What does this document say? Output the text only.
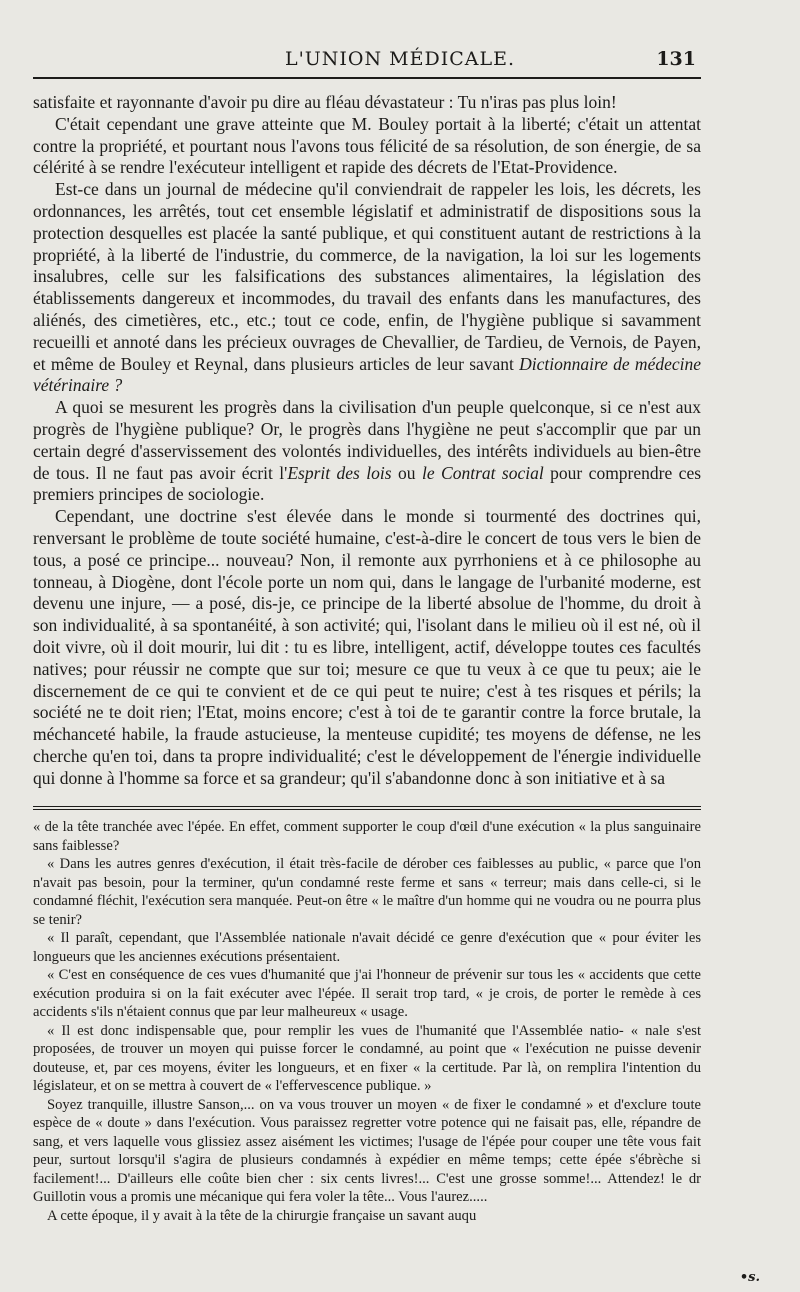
L'UNION MÉDICALE.	131

satisfaite et rayonnante d'avoir pu dire au fléau dévastateur : Tu n'iras pas plus loin!

C'était cependant une grave atteinte que M. Bouley portait à la liberté; c'était un attentat contre la propriété, et pourtant nous l'avons tous félicité de sa résolution, de son énergie, de sa célérité à se rendre l'exécuteur intelligent et rapide des décrets de l'Etat-Providence.

Est-ce dans un journal de médecine qu'il conviendrait de rappeler les lois, les décrets, les ordonnances, les arrêtés, tout cet ensemble législatif et administratif de dispositions sous la protection desquelles est placée la santé publique, et qui constituent autant de restrictions à la propriété, à la liberté de l'industrie, du commerce, de la navigation, la loi sur les logements insalubres, celle sur les falsifications des substances alimentaires, la législation des établissements dangereux et incommodes, du travail des enfants dans les manufactures, des aliénés, des cimetières, etc., etc.; tout ce code, enfin, de l'hygiène publique si savamment recueilli et annoté dans les précieux ouvrages de Chevallier, de Tardieu, de Vernois, de Payen, et même de Bouley et Reynal, dans plusieurs articles de leur savant Dictionnaire de médecine vétérinaire ?

A quoi se mesurent les progrès dans la civilisation d'un peuple quelconque, si ce n'est aux progrès de l'hygiène publique? Or, le progrès dans l'hygiène ne peut s'accomplir que par un certain degré d'asservissement des volontés individuelles, des intérêts individuels au bien-être de tous. Il ne faut pas avoir écrit l'Esprit des lois ou le Contrat social pour comprendre ces premiers principes de sociologie.

Cependant, une doctrine s'est élevée dans le monde si tourmenté des doctrines qui, renversant le problème de toute société humaine, c'est-à-dire le concert de tous vers le bien de tous, a posé ce principe... nouveau? Non, il remonte aux pyrrhoniens et à ce philosophe au tonneau, à Diogène, dont l'école porte un nom qui, dans le langage de l'urbanité moderne, est devenu une injure, — a posé, dis-je, ce principe de la liberté absolue de l'homme, du droit à son individualité, à sa spontanéité, à son activité; qui, l'isolant dans le milieu où il est né, où il doit vivre, où il doit mourir, lui dit : tu es libre, intelligent, actif, développe toutes ces facultés natives; pour réussir ne compte que sur toi; mesure ce que tu veux à ce que tu peux; aie le discernement de ce qui te convient et de ce qui peut te nuire; c'est à tes risques et périls; la société ne te doit rien; l'Etat, moins encore; c'est à toi de te garantir contre la force brutale, la méchanceté habile, la fraude astucieuse, la menteuse cupidité; tes moyens de défense, ne les cherche qu'en toi, dans ta propre individualité; c'est le développement de l'énergie individuelle qui donne à l'homme sa force et sa grandeur; qu'il s'abandonne donc à son initiative et à sa

« de la tête tranchée avec l'épée. En effet, comment supporter le coup d'œil d'une exécution « la plus sanguinaire sans faiblesse?

« Dans les autres genres d'exécution, il était très-facile de dérober ces faiblesses au public, « parce que l'on n'avait pas besoin, pour la terminer, qu'un condamné reste ferme et sans « terreur; mais dans celle-ci, si le condamné fléchit, l'exécution sera manquée. Peut-on être « le maître d'un homme qui ne voudra ou ne pourra plus se tenir?

« Il paraît, cependant, que l'Assemblée nationale n'avait décidé ce genre d'exécution que « pour éviter les longueurs que les anciennes exécutions présentaient.

« C'est en conséquence de ces vues d'humanité que j'ai l'honneur de prévenir sur tous les « accidents que cette exécution produira si on la fait exécuter avec l'épée. Il serait trop tard, « je crois, de porter le remède à ces accidents s'ils n'étaient connus que par leur malheureux « usage.

« Il est donc indispensable que, pour remplir les vues de l'humanité que l'Assemblée natio- « nale s'est proposées, de trouver un moyen qui puisse forcer le condamné, au point que « l'exécution ne puisse devenir douteuse, et, par ces moyens, éviter les longueurs, et en fixer « la certitude. Par là, on remplira l'intention du législateur, et on se mettra à couvert de « l'effervescence publique. »

Soyez tranquille, illustre Sanson,... on va vous trouver un moyen « de fixer le condamné » et d'exclure toute espèce de « doute » dans l'exécution. Vous paraissez regretter votre potence qui ne faisait pas, elle, répandre de sang, et vers laquelle vous glissiez assez aisément les victimes; l'usage de l'épée pour couper une tête vous fait peur, surtout lorsqu'il s'agira de plusieurs condamnés à expédier en même temps; cette épée s'ébrèche si facilement!... D'ailleurs elle coûte bien cher : six cents livres!... C'est une grosse somme!... Attendez! le dr Guillotin vous a promis une mécanique qui fera voler la tête... Vous l'aurez.....

A cette époque, il y avait à la tête de la chirurgie française un savant auqu

•s.
